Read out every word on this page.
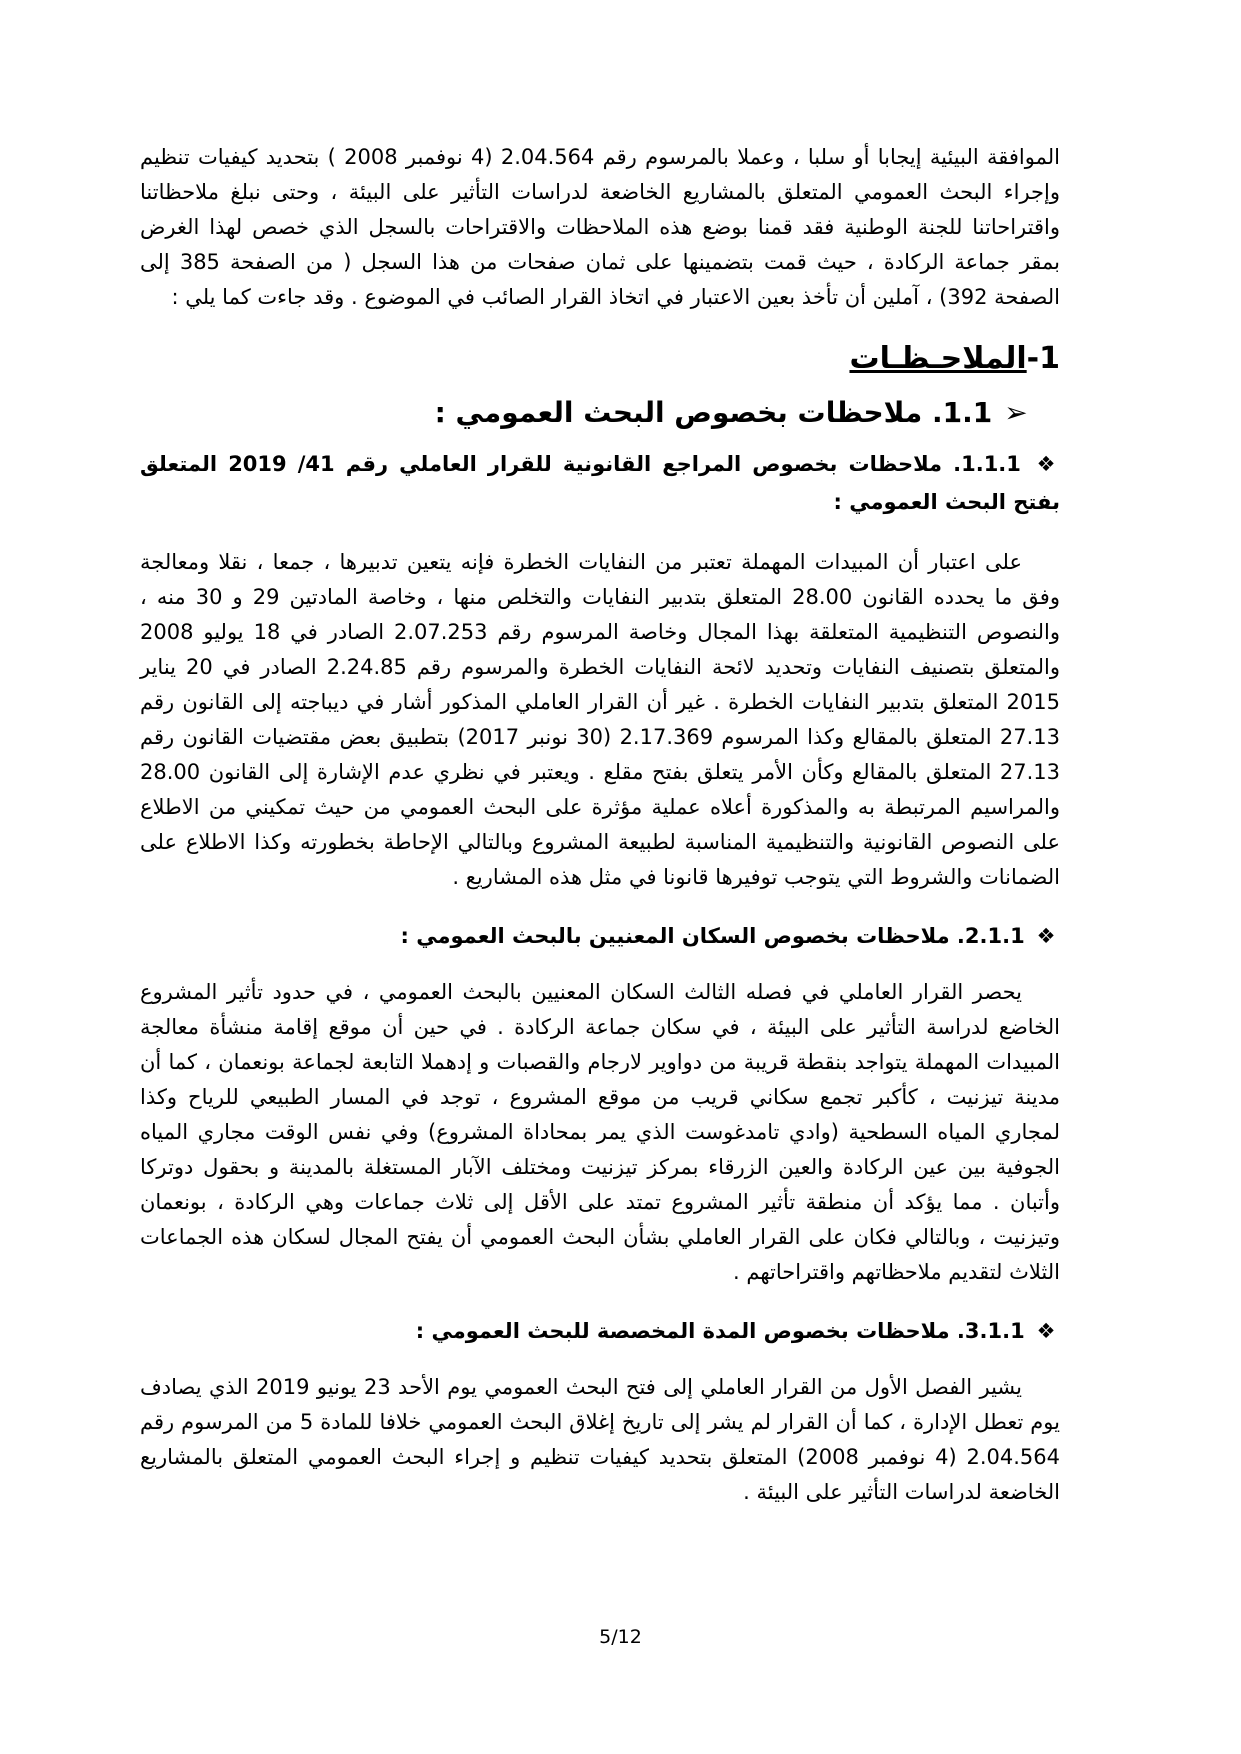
الموافقة البيئية إيجابا أو سلبا ، وعملا بالمرسوم رقم 2.04.564 (4 نوفمبر 2008 ) بتحديد كيفيات تنظيم وإجراء البحث العمومي المتعلق بالمشاريع الخاضعة لدراسات التأثير على البيئة ، وحتى نبلغ ملاحظاتنا واقتراحاتنا للجنة الوطنية فقد قمنا بوضع هذه الملاحظات والاقتراحات بالسجل الذي خصص لهذا الغرض بمقر جماعة الركادة ، حيث قمت بتضمينها على ثمان صفحات من هذا السجل ( من الصفحة 385 إلى الصفحة 392) ، آملين أن تأخذ بعين الاعتبار في اتخاذ القرار الصائب في الموضوع . وقد جاءت كما يلي :

1-الملاحـظـات
➢ 1.1. ملاحظات بخصوص البحث العمومي :
❖ 1.1.1. ملاحظات بخصوص المراجع القانونية للقرار العاملي رقم 41/ 2019 المتعلق بفتح البحث العمومي :

على اعتبار أن المبيدات المهملة تعتبر من النفايات الخطرة فإنه يتعين تدبيرها ، جمعا ، نقلا ومعالجة وفق ما يحدده القانون 28.00 المتعلق بتدبير النفايات والتخلص منها ، وخاصة المادتين 29 و 30 منه ، والنصوص التنظيمية المتعلقة بهذا المجال وخاصة المرسوم رقم 2.07.253 الصادر في 18 يوليو 2008 والمتعلق بتصنيف النفايات وتحديد لائحة النفايات الخطرة والمرسوم رقم 2.24.85 الصادر في 20 يناير 2015 المتعلق بتدبير النفايات الخطرة . غير أن القرار العاملي المذكور أشار في ديباجته إلى القانون رقم 27.13 المتعلق بالمقالع وكذا المرسوم 2.17.369 (30 نونبر 2017) بتطبيق بعض مقتضيات القانون رقم 27.13 المتعلق بالمقالع وكأن الأمر يتعلق بفتح مقلع . ويعتبر في نظري عدم الإشارة إلى القانون 28.00 والمراسيم المرتبطة به والمذكورة أعلاه عملية مؤثرة على البحث العمومي من حيث تمكيني من الاطلاع على النصوص القانونية والتنظيمية المناسبة لطبيعة المشروع وبالتالي الإحاطة بخطورته وكذا الاطلاع على الضمانات والشروط التي يتوجب توفيرها قانونا في مثل هذه المشاريع .

❖ 2.1.1. ملاحظات بخصوص السكان المعنيين بالبحث العمومي :

يحصر القرار العاملي في فصله الثالث السكان المعنيين بالبحث العمومي ، في حدود تأثير المشروع الخاضع لدراسة التأثير على البيئة ، في سكان جماعة الركادة . في حين أن موقع إقامة منشأة معالجة المبيدات المهملة يتواجد بنقطة قريبة من دواوير لارجام والقصبات و إدهملا التابعة لجماعة بونعمان ، كما أن مدينة تيزنيت ، كأكبر تجمع سكاني قريب من موقع المشروع ، توجد في المسار الطبيعي للرياح وكذا لمجاري المياه السطحية (وادي تامدغوست الذي يمر بمحاداة المشروع) وفي نفس الوقت مجاري المياه الجوفية بين عين الركادة والعين الزرقاء بمركز تيزنيت ومختلف الآبار المستغلة بالمدينة و بحقول دوتركا وأتبان . مما يؤكد أن منطقة تأثير المشروع تمتد على الأقل إلى ثلاث جماعات وهي الركادة ، بونعمان وتيزنيت ، وبالتالي فكان على القرار العاملي بشأن البحث العمومي أن يفتح المجال لسكان هذه الجماعات الثلاث لتقديم ملاحظاتهم واقتراحاتهم .

❖ 3.1.1. ملاحظات بخصوص المدة المخصصة للبحث العمومي :

يشير الفصل الأول من القرار العاملي إلى فتح البحث العمومي يوم الأحد 23 يونيو 2019 الذي يصادف يوم تعطل الإدارة ، كما أن القرار لم يشر إلى تاريخ إغلاق البحث العمومي خلافا للمادة 5 من المرسوم رقم 2.04.564 (4 نوفمبر 2008) المتعلق بتحديد كيفيات تنظيم و إجراء البحث العمومي المتعلق بالمشاريع الخاضعة لدراسات التأثير على البيئة .

5/12
